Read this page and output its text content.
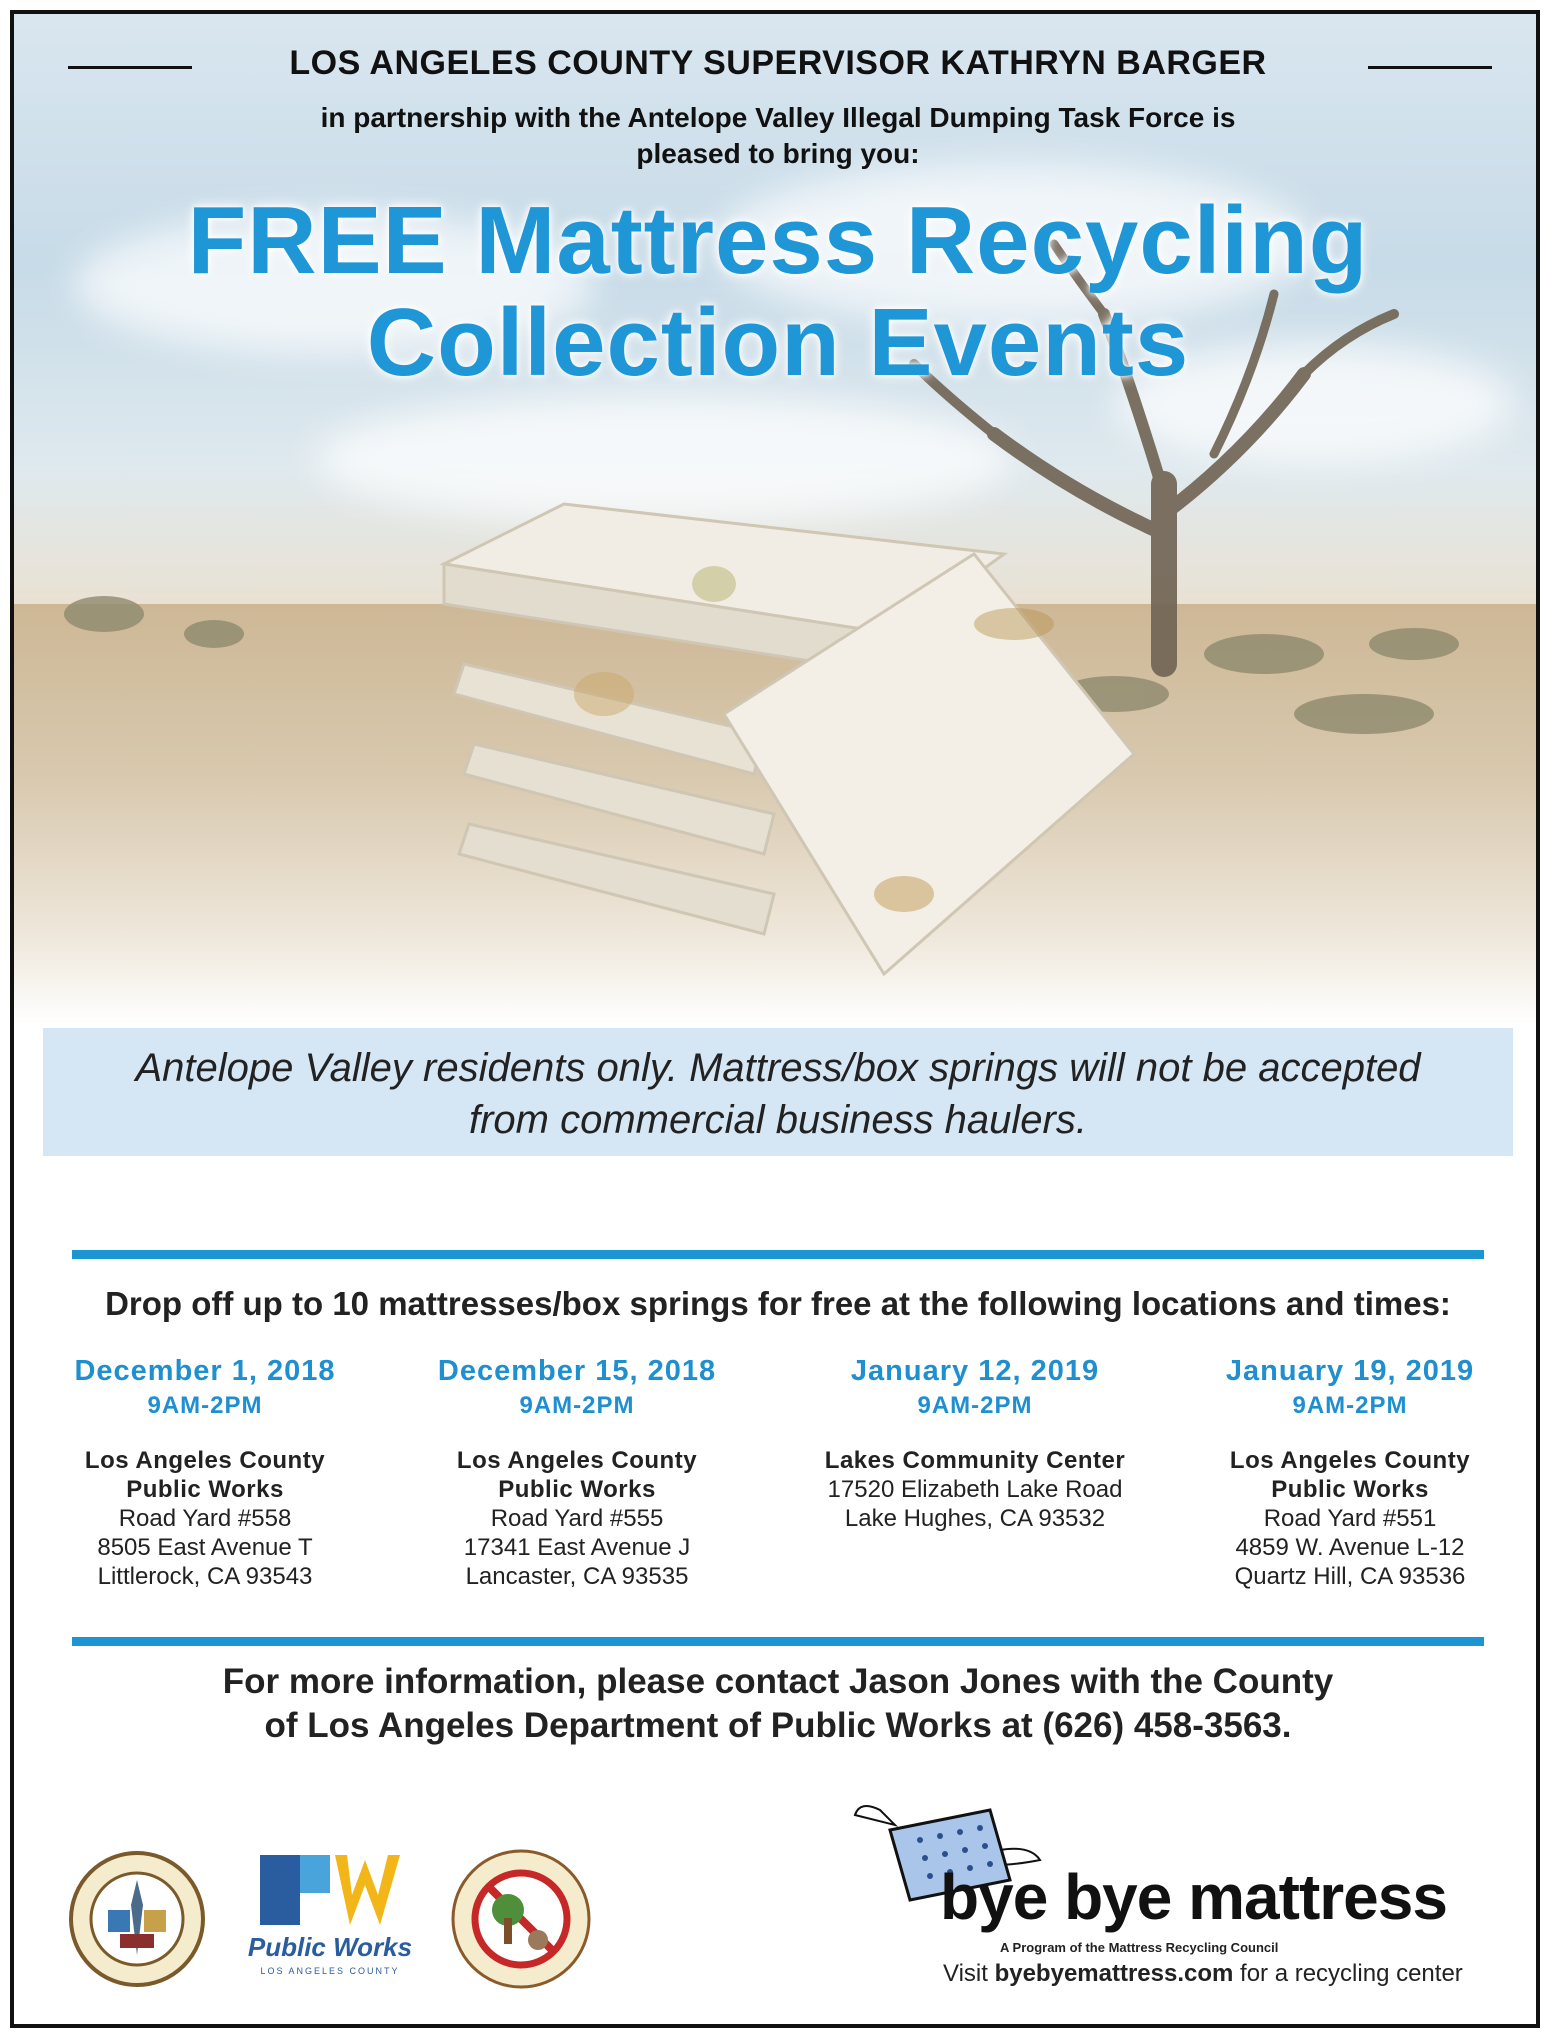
LOS ANGELES COUNTY SUPERVISOR KATHRYN BARGER
in partnership with the Antelope Valley Illegal Dumping Task Force is
pleased to bring you:
FREE Mattress Recycling
Collection Events
Antelope Valley residents only. Mattress/box springs will not be accepted
from commercial business haulers.
Drop off up to 10 mattresses/box springs for free at the following locations and times:
December 1, 2018
9AM-2PM
Los Angeles County
Public Works
Road Yard #558
8505 East Avenue T
Littlerock, CA 93543
December 15, 2018
9AM-2PM
Los Angeles County
Public Works
Road Yard #555
17341 East Avenue J
Lancaster, CA 93535
January 12, 2019
9AM-2PM
Lakes Community Center
17520 Elizabeth Lake Road
Lake Hughes, CA 93532
January 19, 2019
9AM-2PM
Los Angeles County
Public Works
Road Yard #551
4859 W. Avenue L-12
Quartz Hill, CA 93536
For more information, please contact Jason Jones with the County
of Los Angeles Department of Public Works at (626) 458-3563.
Public Works
LOS ANGELES COUNTY
bye bye mattress
A Program of the Mattress Recycling Council
Visit byebyemattress.com for a recycling center
